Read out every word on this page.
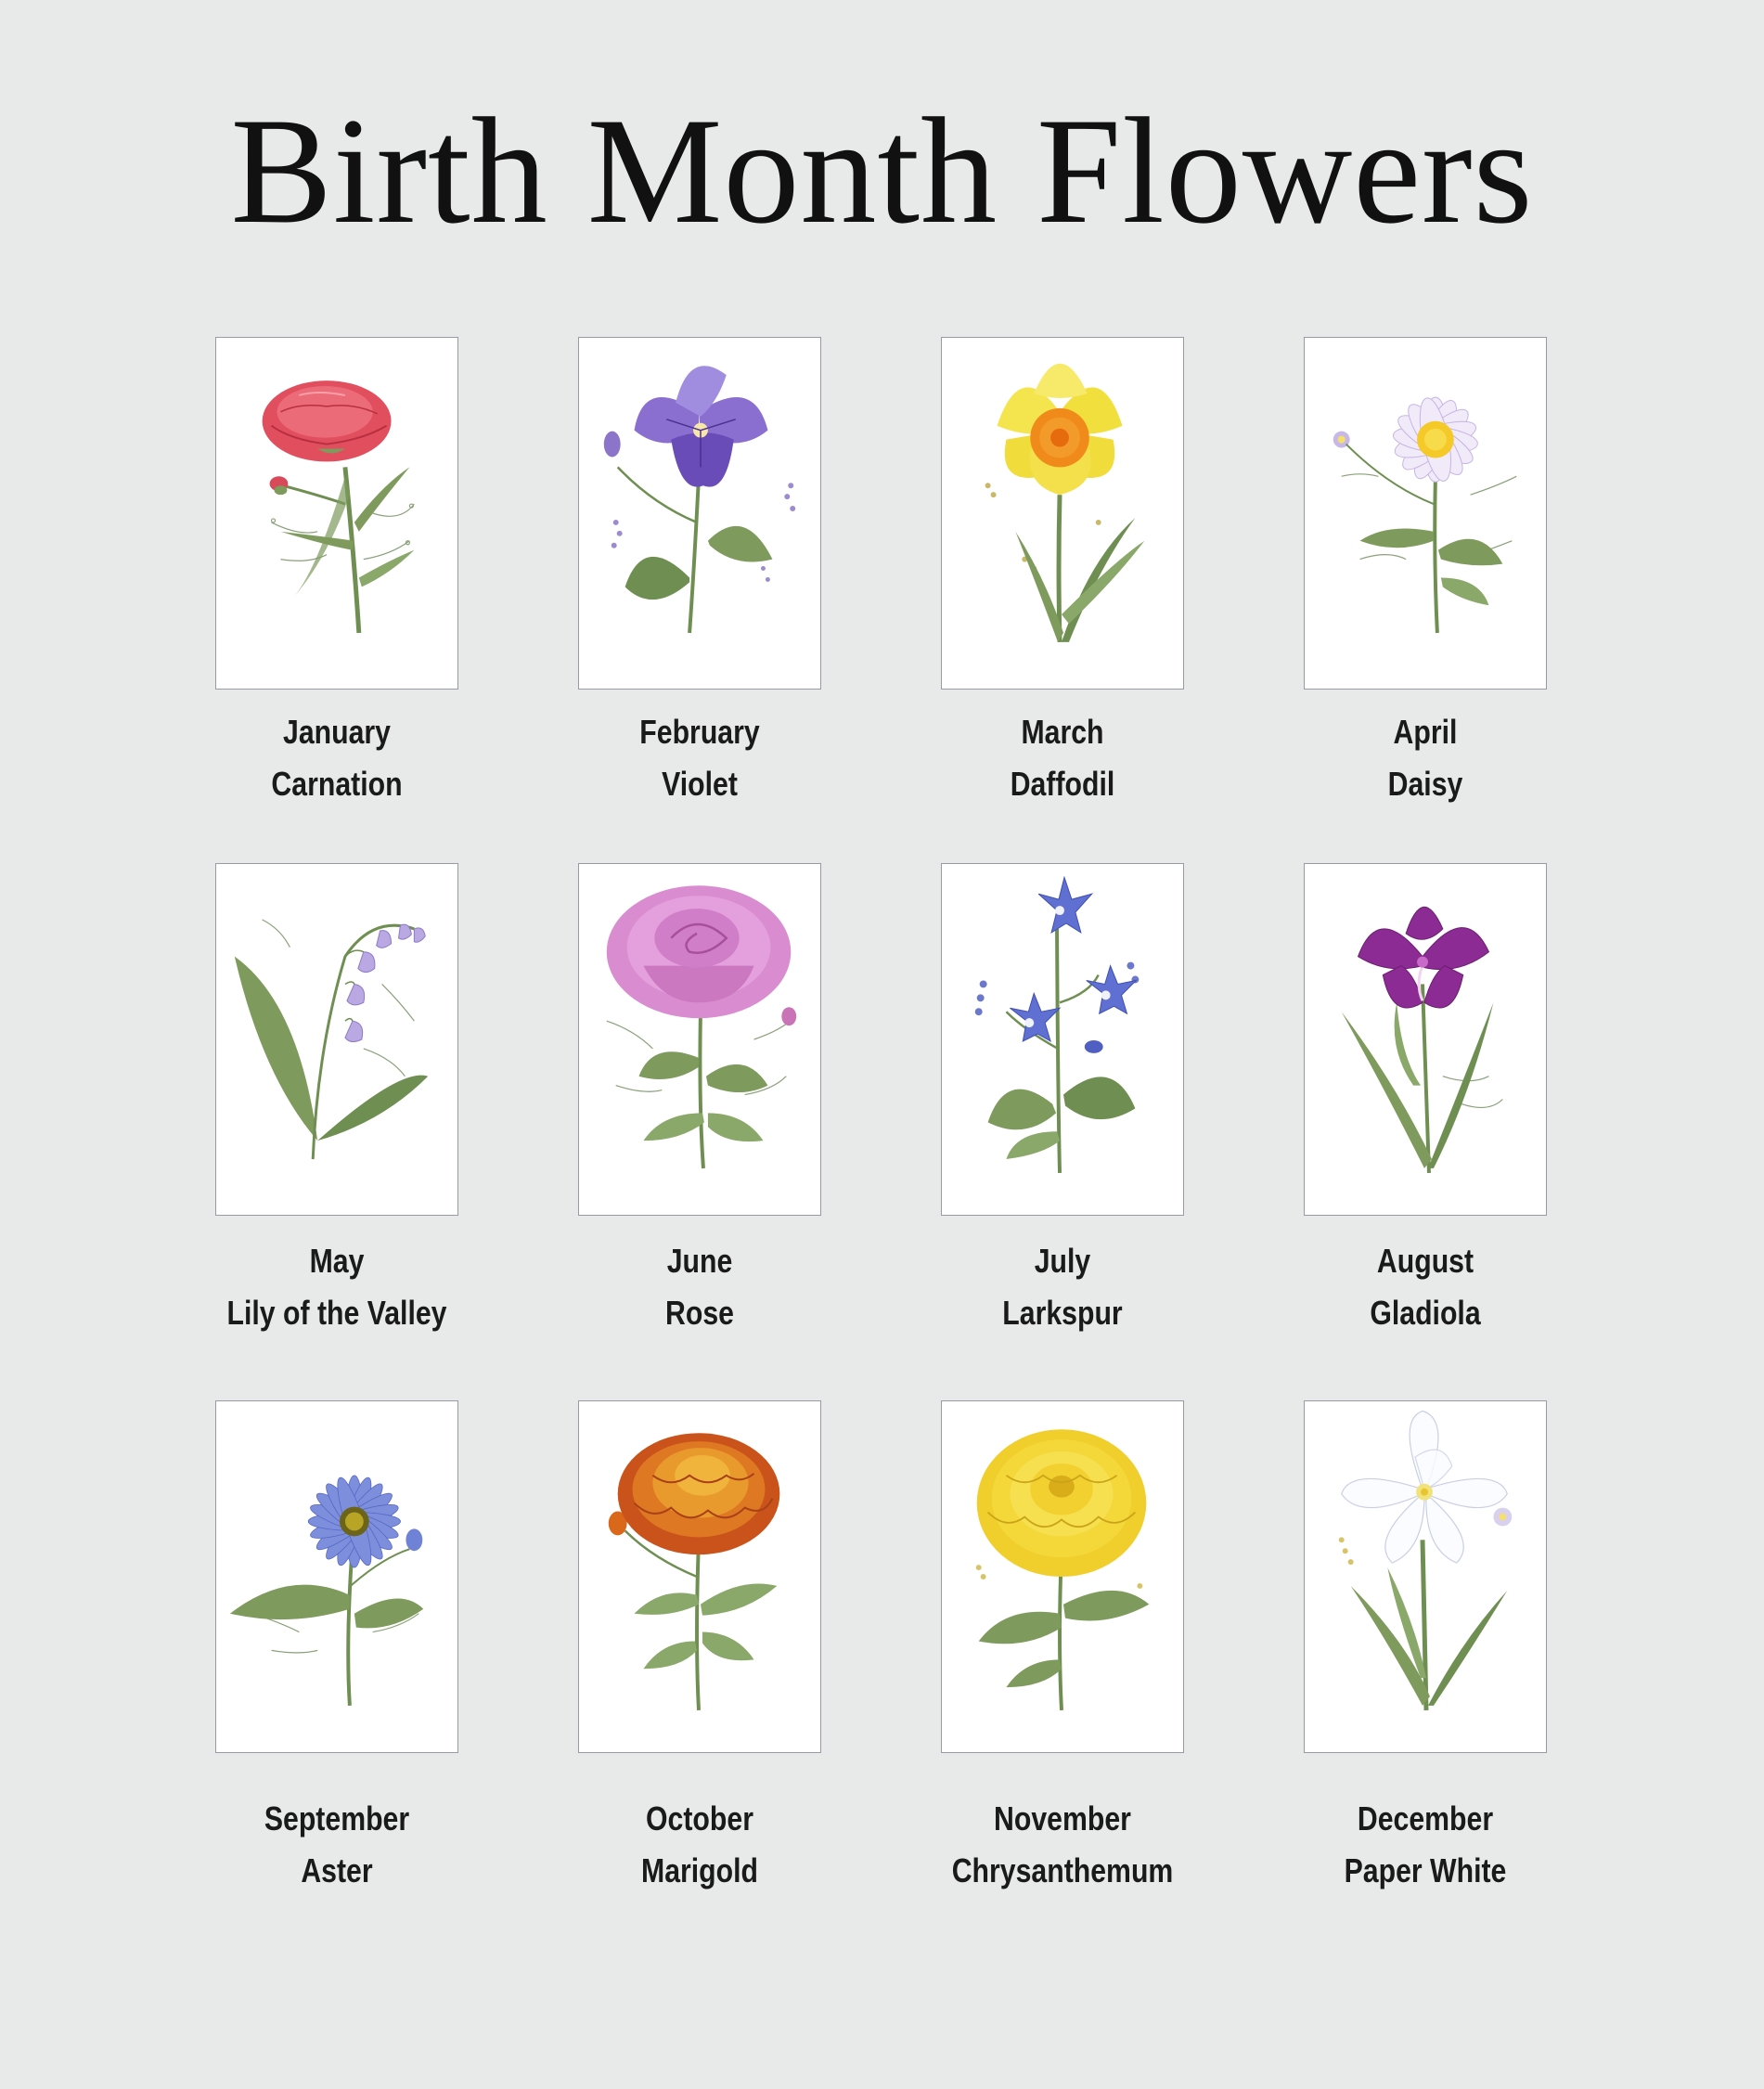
Birth Month Flowers
January
Carnation
February
Violet
March
Daffodil
April
Daisy
May
Lily of the Valley
June
Rose
July
Larkspur
August
Gladiola
September
Aster
October
Marigold
November
Chrysanthemum
December
Paper White
